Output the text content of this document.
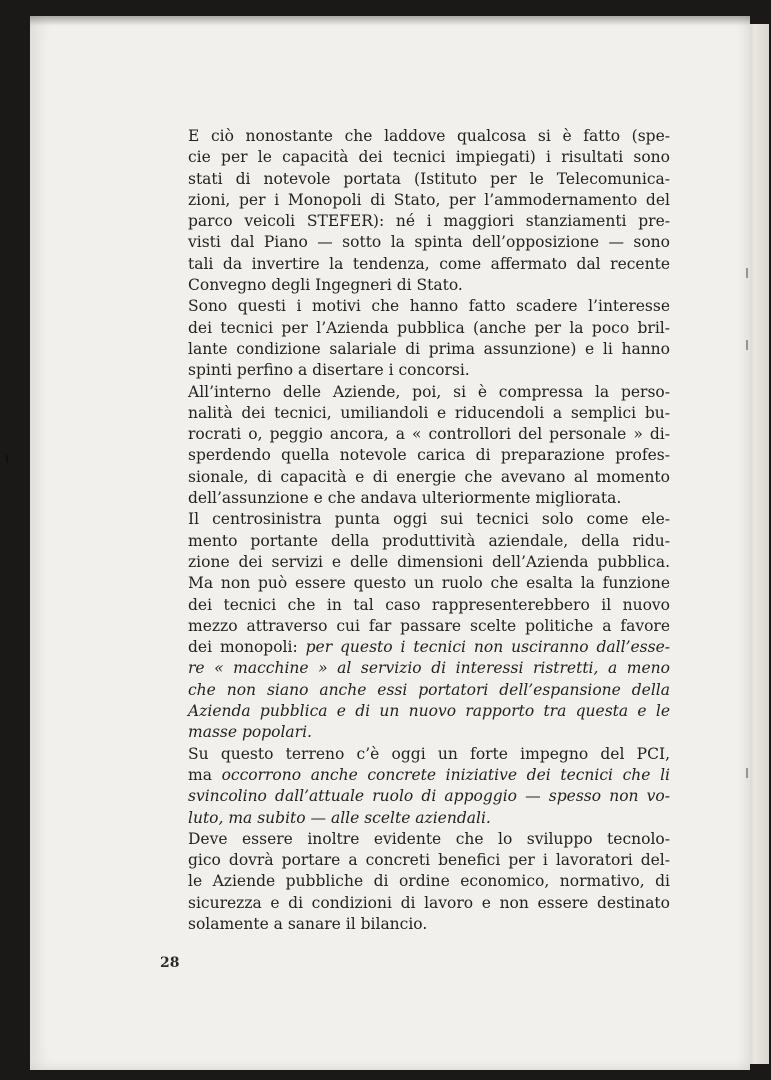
E ciò nonostante che laddove qualcosa si è fatto (spe-
cie per le capacità dei tecnici impiegati) i risultati sono
stati di notevole portata (Istituto per le Telecomunica-
zioni, per i Monopoli di Stato, per l’ammodernamento del
parco veicoli STEFER): né i maggiori stanziamenti pre-
visti dal Piano — sotto la spinta dell’opposizione — sono
tali da invertire la tendenza, come affermato dal recente
Convegno degli Ingegneri di Stato.

Sono questi i motivi che hanno fatto scadere l’interesse
dei tecnici per l’Azienda pubblica (anche per la poco bril-
lante condizione salariale di prima assunzione) e li hanno
spinti perfino a disertare i concorsi.

All’interno delle Aziende, poi, si è compressa la perso-
nalità dei tecnici, umiliandoli e riducendoli a semplici bu-
rocrati o, peggio ancora, a « controllori del personale » di-
sperdendo quella notevole carica di preparazione profes-
sionale, di capacità e di energie che avevano al momento
dell’assunzione e che andava ulteriormente migliorata.

Il centrosinistra punta oggi sui tecnici solo come ele-
mento portante della produttività aziendale, della ridu-
zione dei servizi e delle dimensioni dell’Azienda pubblica.
Ma non può essere questo un ruolo che esalta la funzione
dei tecnici che in tal caso rappresenterebbero il nuovo
mezzo attraverso cui far passare scelte politiche a favore
dei monopoli: per questo i tecnici non usciranno dall’esse-
re « macchine » al servizio di interessi ristretti, a meno
che non siano anche essi portatori dell’espansione della
Azienda pubblica e di un nuovo rapporto tra questa e le
masse popolari.

Su questo terreno c’è oggi un forte impegno del PCI,
ma occorrono anche concrete iniziative dei tecnici che li
svincolino dall’attuale ruolo di appoggio — spesso non vo-
luto, ma subito — alle scelte aziendali.

Deve essere inoltre evidente che lo sviluppo tecnolo-
gico dovrà portare a concreti benefici per i lavoratori del-
le Aziende pubbliche di ordine economico, normativo, di
sicurezza e di condizioni di lavoro e non essere destinato
solamente a sanare il bilancio.

28
